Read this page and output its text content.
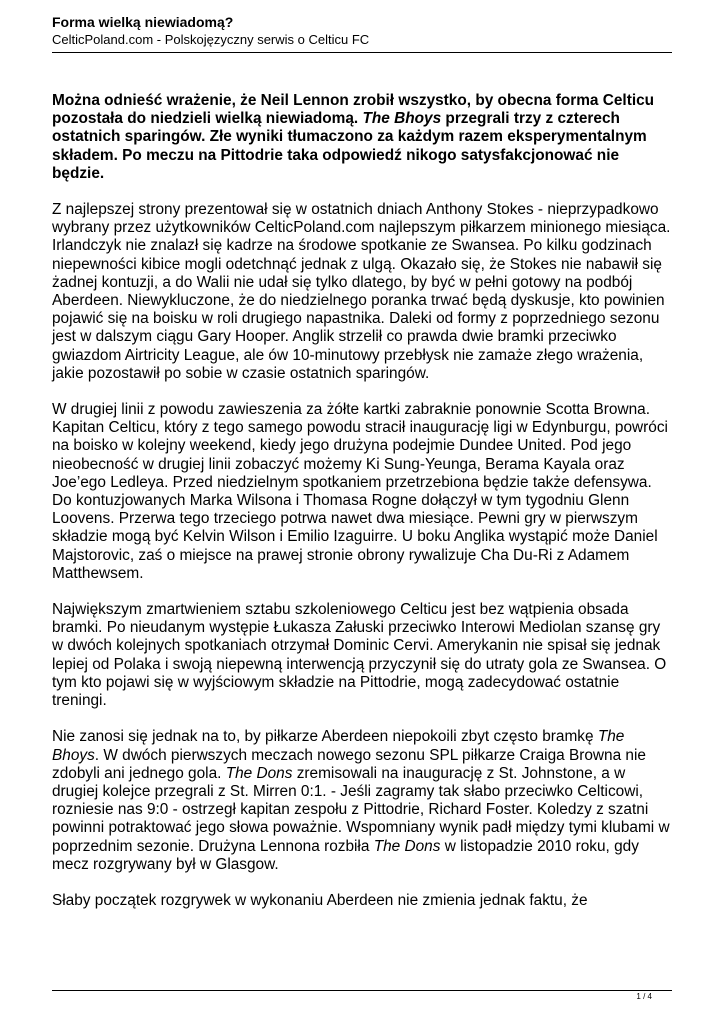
Forma wielką niewiadomą?
CelticPoland.com - Polskojęzyczny serwis o Celticu FC

Można odnieść wrażenie, że Neil Lennon zrobił wszystko, by obecna forma Celticu pozostała do niedzieli wielką niewiadomą. The Bhoys przegrali trzy z czterech ostatnich sparingów. Złe wyniki tłumaczono za każdym razem eksperymentalnym składem. Po meczu na Pittodrie taka odpowiedź nikogo satysfakcjonować nie będzie.

Z najlepszej strony prezentował się w ostatnich dniach Anthony Stokes - nieprzypadkowo wybrany przez użytkowników CelticPoland.com najlepszym piłkarzem minionego miesiąca. Irlandczyk nie znalazł się kadrze na środowe spotkanie ze Swansea. Po kilku godzinach niepewności kibice mogli odetchnąć jednak z ulgą. Okazało się, że Stokes nie nabawił się żadnej kontuzji, a do Walii nie udał się tylko dlatego, by być w pełni gotowy na podbój Aberdeen. Niewykluczone, że do niedzielnego poranka trwać będą dyskusje, kto powinien pojawić się na boisku w roli drugiego napastnika. Daleki od formy z poprzedniego sezonu jest w dalszym ciągu Gary Hooper. Anglik strzelił co prawda dwie bramki przeciwko gwiazdom Airtricity League, ale ów 10-minutowy przebłysk nie zamaże złego wrażenia, jakie pozostawił po sobie w czasie ostatnich sparingów.

W drugiej linii z powodu zawieszenia za żółte kartki zabraknie ponownie Scotta Browna. Kapitan Celticu, który z tego samego powodu stracił inaugurację ligi w Edynburgu, powróci na boisko w kolejny weekend, kiedy jego drużyna podejmie Dundee United. Pod jego nieobecność w drugiej linii zobaczyć możemy Ki Sung-Yeunga, Berama Kayala oraz Joe’ego Ledleya. Przed niedzielnym spotkaniem przetrzebiona będzie także defensywa. Do kontuzjowanych Marka Wilsona i Thomasa Rogne dołączył w tym tygodniu Glenn Loovens. Przerwa tego trzeciego potrwa nawet dwa miesiące. Pewni gry w pierwszym składzie mogą być Kelvin Wilson i Emilio Izaguirre. U boku Anglika wystąpić może Daniel Majstorovic, zaś o miejsce na prawej stronie obrony rywalizuje Cha Du-Ri z Adamem Matthewsem.

Największym zmartwieniem sztabu szkoleniowego Celticu jest bez wątpienia obsada bramki. Po nieudanym występie Łukasza Załuski przeciwko Interowi Mediolan szansę gry w dwóch kolejnych spotkaniach otrzymał Dominic Cervi. Amerykanin nie spisał się jednak lepiej od Polaka i swoją niepewną interwencją przyczynił się do utraty gola ze Swansea. O tym kto pojawi się w wyjściowym składzie na Pittodrie, mogą zadecydować ostatnie treningi.

Nie zanosi się jednak na to, by piłkarze Aberdeen niepokoili zbyt często bramkę The Bhoys. W dwóch pierwszych meczach nowego sezonu SPL piłkarze Craiga Browna nie zdobyli ani jednego gola. The Dons zremisowali na inaugurację z St. Johnstone, a w drugiej kolejce przegrali z St. Mirren 0:1. - Jeśli zagramy tak słabo przeciwko Celticowi, rozniesie nas 9:0 - ostrzegł kapitan zespołu z Pittodrie, Richard Foster. Koledzy z szatni powinni potraktować jego słowa poważnie. Wspomniany wynik padł między tymi klubami w poprzednim sezonie. Drużyna Lennona rozbiła The Dons w listopadzie 2010 roku, gdy mecz rozgrywany był w Glasgow.

Słaby początek rozgrywek w wykonaniu Aberdeen nie zmienia jednak faktu, że

1 / 4
